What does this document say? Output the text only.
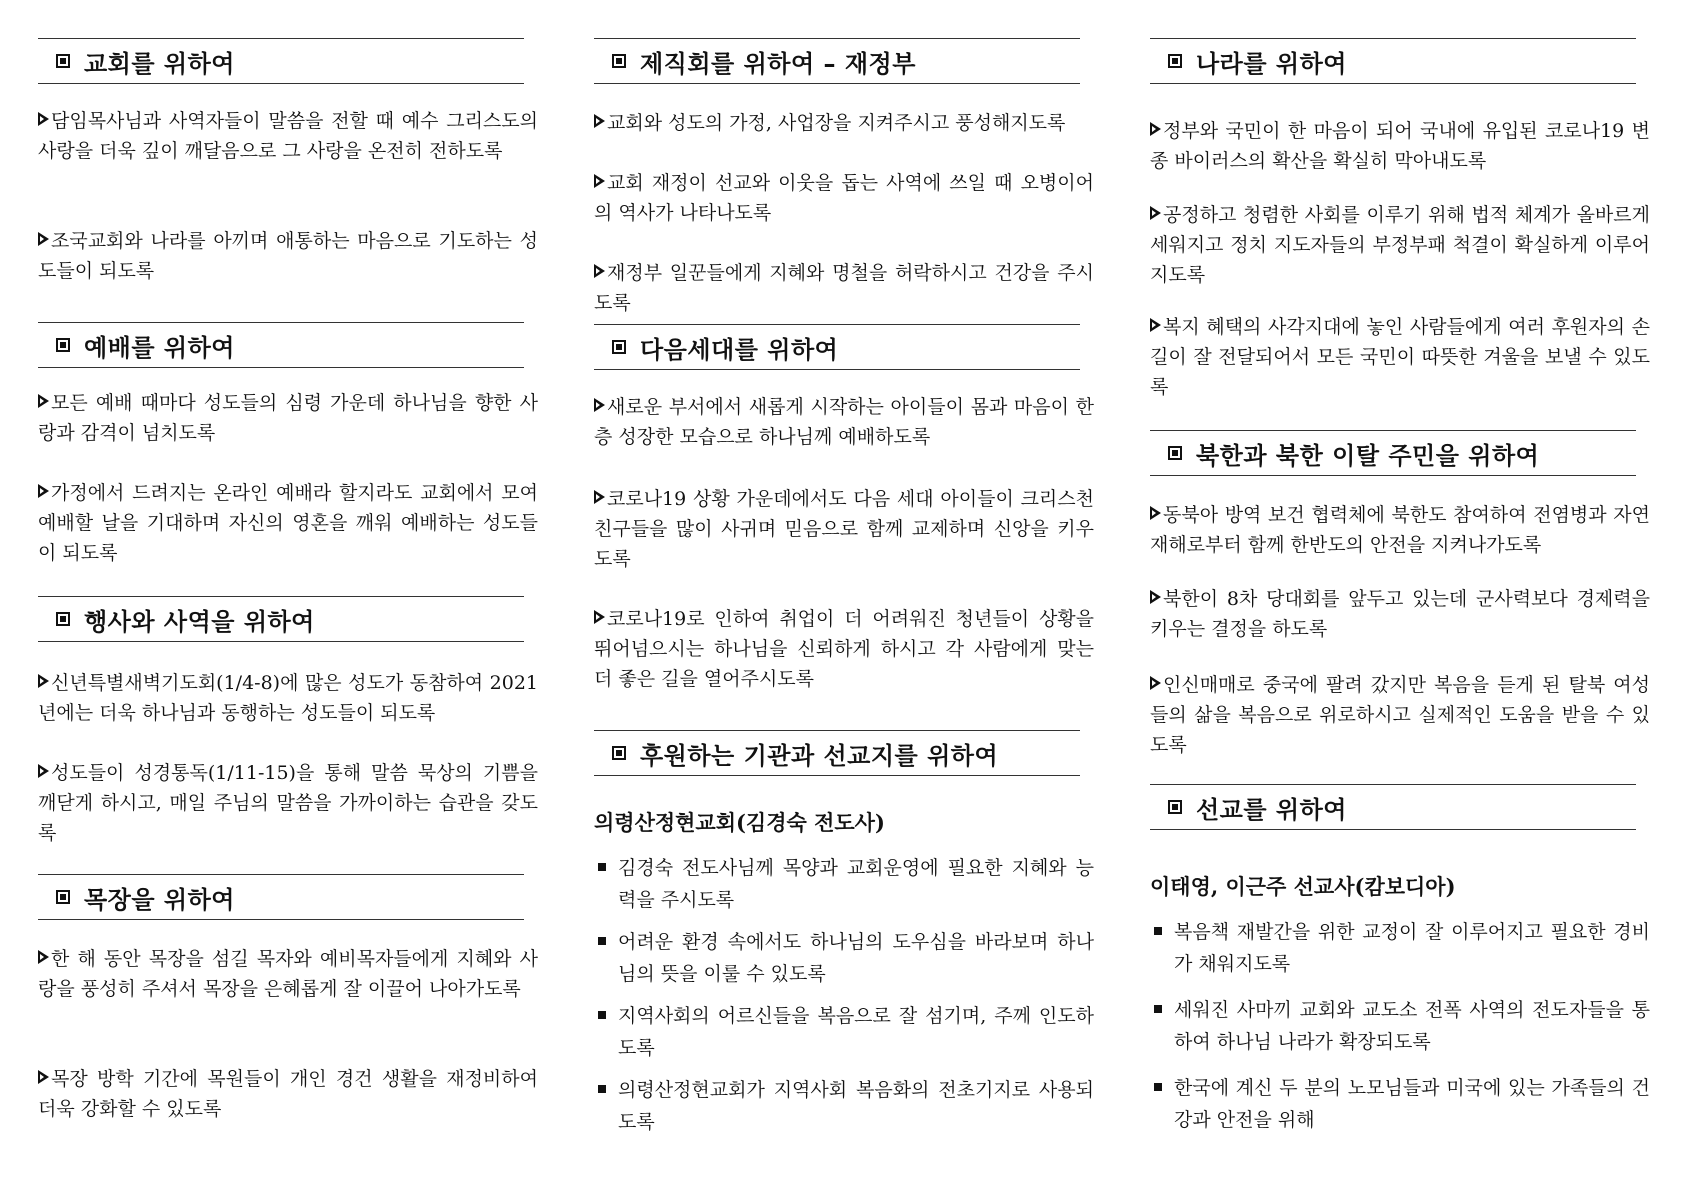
교회를 위하여

담임목사님과 사역자들이 말씀을 전할 때 예수 그리스도의 사랑을 더욱 깊이 깨달음으로 그 사랑을 온전히 전하도록

조국교회와 나라를 아끼며 애통하는 마음으로 기도하는 성도들이 되도록

예배를 위하여

모든 예배 때마다 성도들의 심령 가운데 하나님을 향한 사랑과 감격이 넘치도록

가정에서 드려지는 온라인 예배라 할지라도 교회에서 모여 예배할 날을 기대하며 자신의 영혼을 깨워 예배하는 성도들이 되도록

행사와 사역을 위하여

신년특별새벽기도회(1/4-8)에 많은 성도가 동참하여 2021년에는 더욱 하나님과 동행하는 성도들이 되도록

성도들이 성경통독(1/11-15)을 통해 말씀 묵상의 기쁨을 깨닫게 하시고, 매일 주님의 말씀을 가까이하는 습관을 갖도록

목장을 위하여

한 해 동안 목장을 섬길 목자와 예비목자들에게 지혜와 사랑을 풍성히 주셔서 목장을 은혜롭게 잘 이끌어 나아가도록

목장 방학 기간에 목원들이 개인 경건 생활을 재정비하여 더욱 강화할 수 있도록

제직회를 위하여 – 재정부

교회와 성도의 가정, 사업장을 지켜주시고 풍성해지도록

교회 재정이 선교와 이웃을 돕는 사역에 쓰일 때 오병이어의 역사가 나타나도록

재정부 일꾼들에게 지혜와 명철을 허락하시고 건강을 주시도록

다음세대를 위하여

새로운 부서에서 새롭게 시작하는 아이들이 몸과 마음이 한층 성장한 모습으로 하나님께 예배하도록

코로나19 상황 가운데에서도 다음 세대 아이들이 크리스천 친구들을 많이 사귀며 믿음으로 함께 교제하며 신앙을 키우도록

코로나19로 인하여 취업이 더 어려워진 청년들이 상황을 뛰어넘으시는 하나님을 신뢰하게 하시고 각 사람에게 맞는 더 좋은 길을 열어주시도록

후원하는 기관과 선교지를 위하여
의령산정현교회(김경숙 전도사)

김경숙 전도사님께 목양과 교회운영에 필요한 지혜와 능력을 주시도록

어려운 환경 속에서도 하나님의 도우심을 바라보며 하나님의 뜻을 이룰 수 있도록

지역사회의 어르신들을 복음으로 잘 섬기며, 주께 인도하도록

의령산정현교회가 지역사회 복음화의 전초기지로 사용되도록

나라를 위하여

정부와 국민이 한 마음이 되어 국내에 유입된 코로나19 변종 바이러스의 확산을 확실히 막아내도록

공정하고 청렴한 사회를 이루기 위해 법적 체계가 올바르게 세워지고 정치 지도자들의 부정부패 척결이 확실하게 이루어지도록

복지 혜택의 사각지대에 놓인 사람들에게 여러 후원자의 손길이 잘 전달되어서 모든 국민이 따뜻한 겨울을 보낼 수 있도록

북한과 북한 이탈 주민을 위하여

동북아 방역 보건 협력체에 북한도 참여하여 전염병과 자연재해로부터 함께 한반도의 안전을 지켜나가도록

북한이 8차 당대회를 앞두고 있는데 군사력보다 경제력을 키우는 결정을 하도록

인신매매로 중국에 팔려 갔지만 복음을 듣게 된 탈북 여성들의 삶을 복음으로 위로하시고 실제적인 도움을 받을 수 있도록

선교를 위하여
이태영, 이근주 선교사(캄보디아)

복음책 재발간을 위한 교정이 잘 이루어지고 필요한 경비가 채워지도록

세워진 사마끼 교회와 교도소 전폭 사역의 전도자들을 통하여 하나님 나라가 확장되도록

한국에 계신 두 분의 노모님들과 미국에 있는 가족들의 건강과 안전을 위해
